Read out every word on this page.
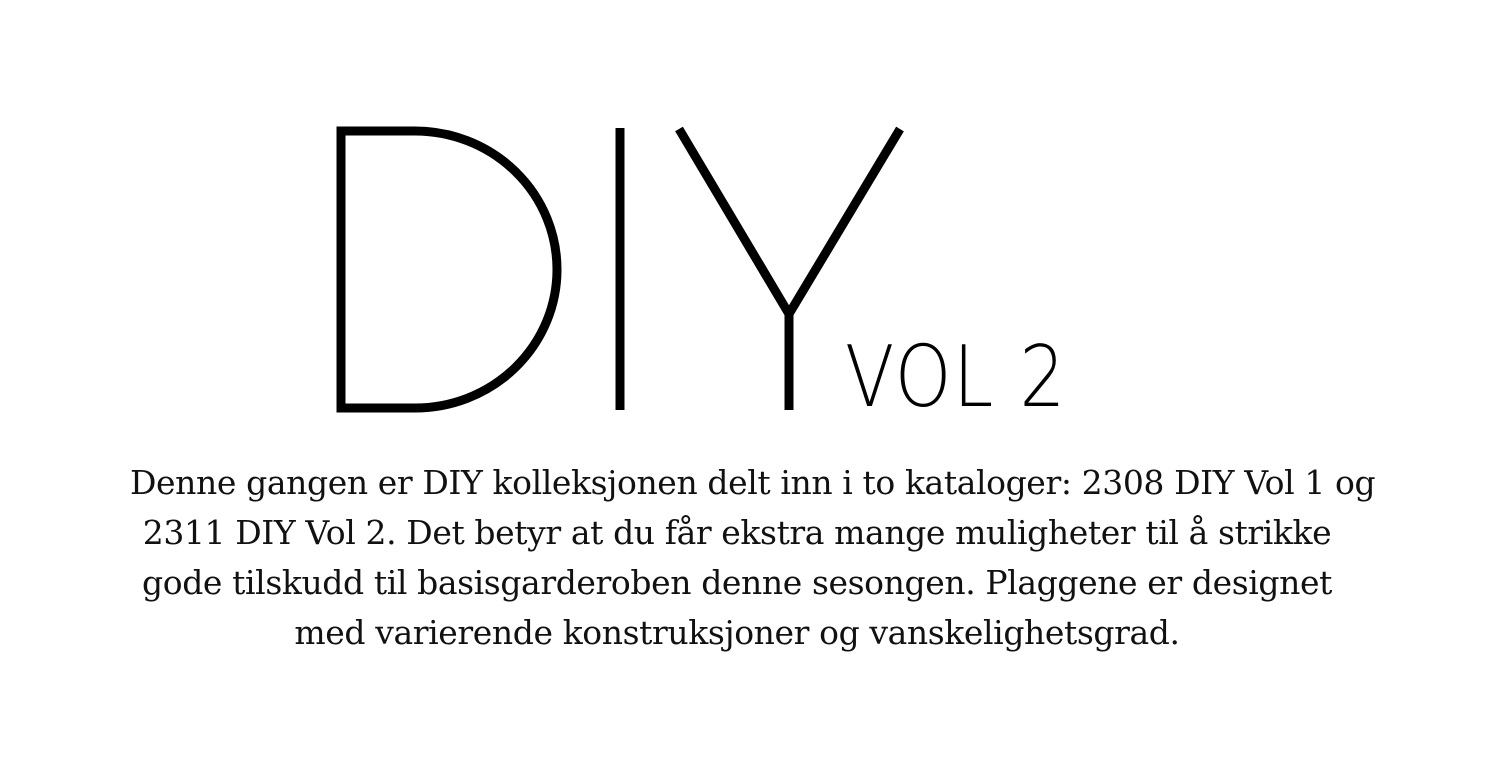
DIY VOL 2

Denne gangen er DIY kolleksjonen delt inn i to kataloger: 2308 DIY Vol 1 og
2311 DIY Vol 2. Det betyr at du får ekstra mange muligheter til å strikke
gode tilskudd til basisgarderoben denne sesongen. Plaggene er designet
med varierende konstruksjoner og vanskelighetsgrad.
